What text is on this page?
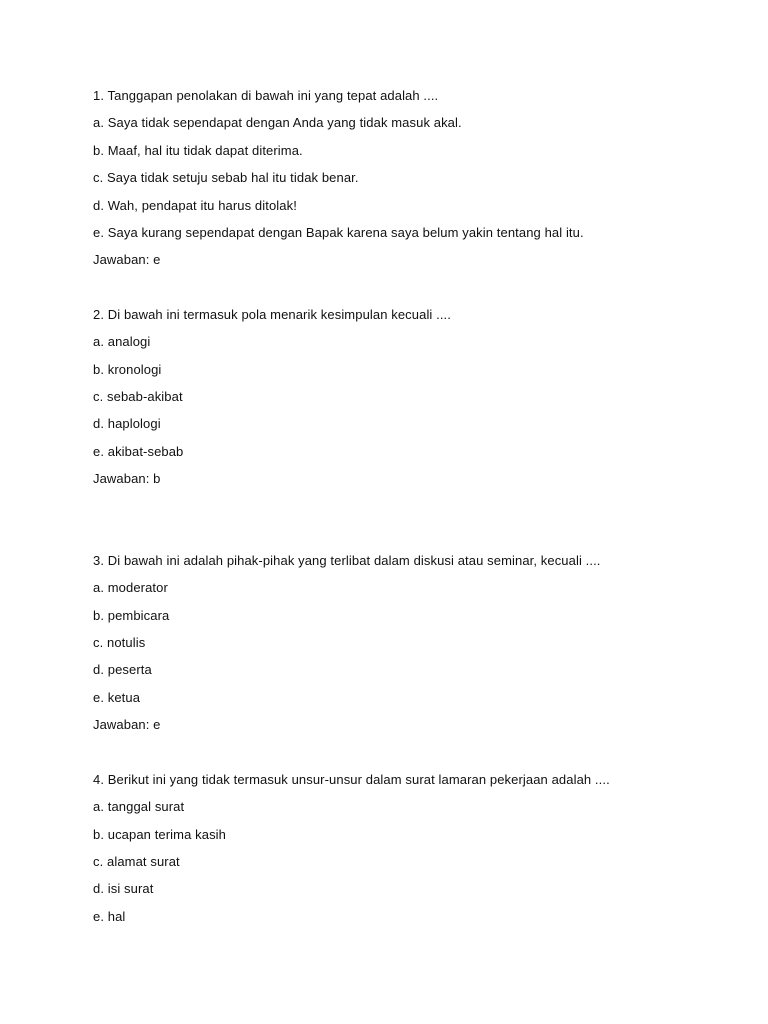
1. Tanggapan penolakan di bawah ini yang tepat adalah ....
a. Saya tidak sependapat dengan Anda yang tidak masuk akal.
b. Maaf, hal itu tidak dapat diterima.
c. Saya tidak setuju sebab hal itu tidak benar.
d. Wah, pendapat itu harus ditolak!
e. Saya kurang sependapat dengan Bapak karena saya belum yakin tentang hal itu.
Jawaban: e
2. Di bawah ini termasuk pola menarik kesimpulan kecuali ....
a. analogi
b. kronologi
c. sebab-akibat
d. haplologi
e. akibat-sebab
Jawaban: b
3. Di bawah ini adalah pihak-pihak yang terlibat dalam diskusi atau seminar, kecuali ....
a. moderator
b. pembicara
c. notulis
d. peserta
e. ketua
Jawaban: e
4. Berikut ini yang tidak termasuk unsur-unsur dalam surat lamaran pekerjaan adalah ....
a. tanggal surat
b. ucapan terima kasih
c. alamat surat
d. isi surat
e. hal
